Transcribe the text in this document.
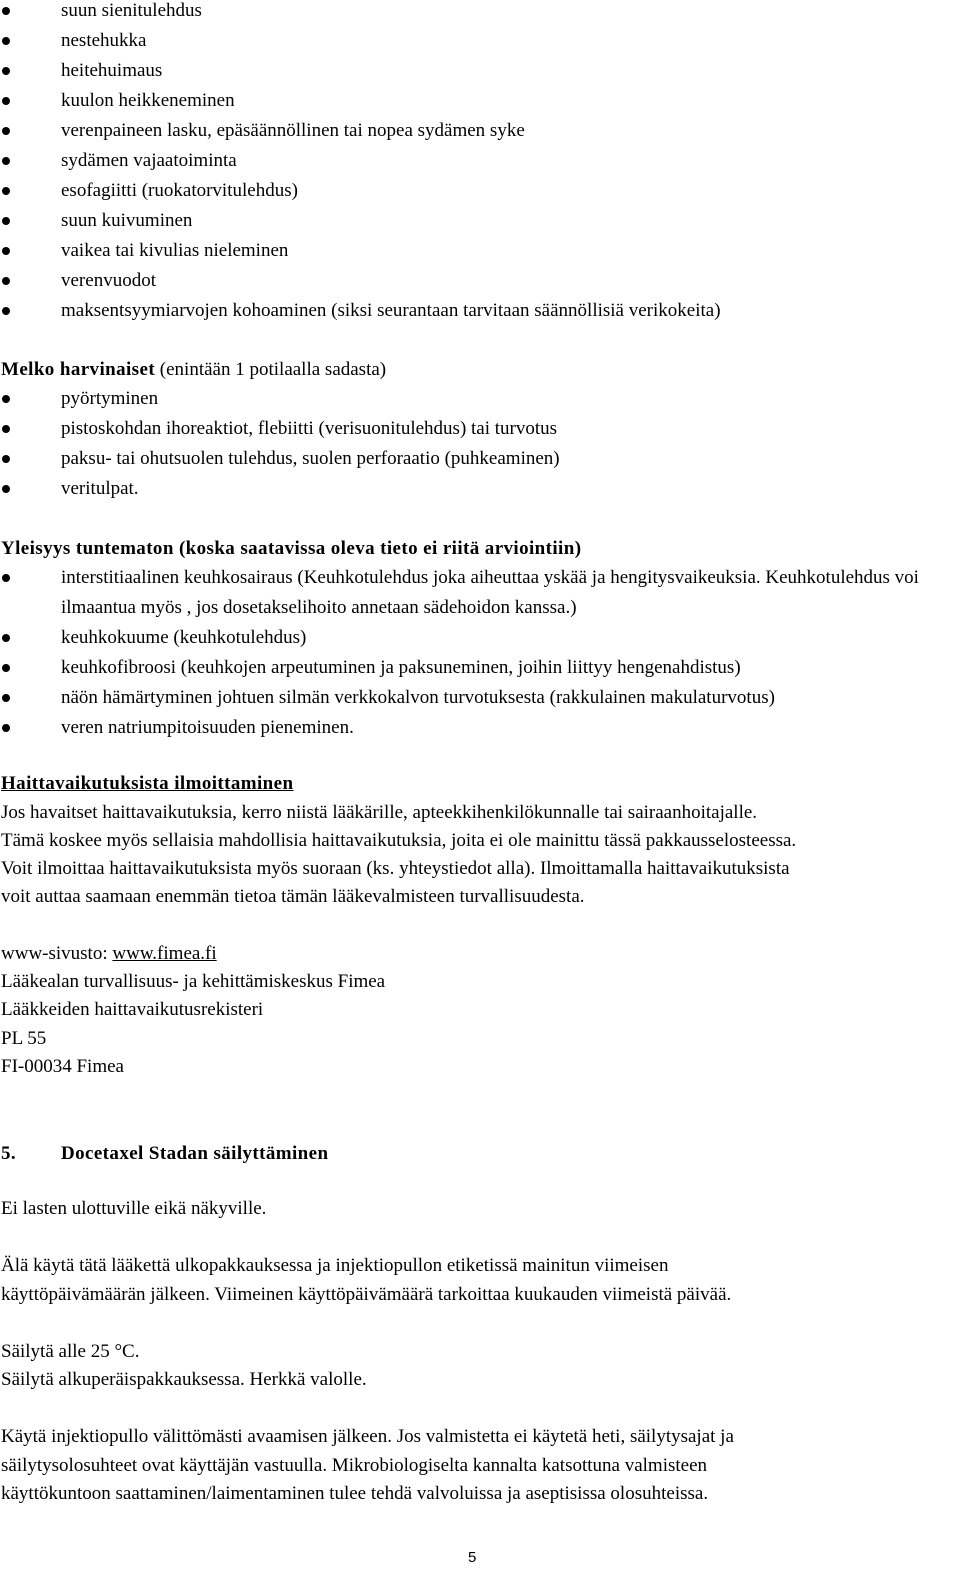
suun sienitulehdus
nestehukka
heitehuimaus
kuulon heikkeneminen
verenpaineen lasku, epäsäännöllinen tai nopea sydämen syke
sydämen vajaatoiminta
esofagiitti (ruokatorvitulehdus)
suun kuivuminen
vaikea tai kivulias nieleminen
verenvuodot
maksentsyymiarvojen kohoaminen (siksi seurantaan tarvitaan säännöllisiä verikokeita)
Melko harvinaiset (enintään 1 potilaalla sadasta)
pyörtyminen
pistoskohdan ihoreaktiot, flebiitti (verisuonitulehdus) tai turvotus
paksu- tai ohutsuolen tulehdus, suolen perforaatio (puhkeaminen)
veritulpat.
Yleisyys tuntematon (koska saatavissa oleva tieto ei riitä arviointiin)
interstitiaalinen keuhkosairaus (Keuhkotulehdus joka aiheuttaa yskää ja hengitysvaikeuksia. Keuhkotulehdus voi ilmaantua myös , jos dosetakselihoito annetaan sädehoidon kanssa.)
keuhkokuume (keuhkotulehdus)
keuhkofibroosi (keuhkojen arpeutuminen ja paksuneminen, joihin liittyy hengenahdistus)
näön hämärtyminen johtuen silmän verkkokalvon turvotuksesta (rakkulainen makulaturvotus)
veren natriumpitoisuuden pieneminen.
Haittavaikutuksista ilmoittaminen
Jos havaitset haittavaikutuksia, kerro niistä lääkärille, apteekkihenkilökunnalle tai sairaanhoitajalle.
Tämä koskee myös sellaisia mahdollisia haittavaikutuksia, joita ei ole mainittu tässä pakkausselosteessa.
Voit ilmoittaa haittavaikutuksista myös suoraan (ks. yhteystiedot alla). Ilmoittamalla haittavaikutuksista
voit auttaa saamaan enemmän tietoa tämän lääkevalmisteen turvallisuudesta.
www-sivusto: www.fimea.fi
Lääkealan turvallisuus- ja kehittämiskeskus Fimea
Lääkkeiden haittavaikutusrekisteri
PL 55
FI-00034 Fimea
5. Docetaxel Stadan säilyttäminen
Ei lasten ulottuville eikä näkyville.
Älä käytä tätä lääkettä ulkopakkauksessa ja injektiopullon etiketissä mainitun viimeisen
käyttöpäivämäärän jälkeen. Viimeinen käyttöpäivämäärä tarkoittaa kuukauden viimeistä päivää.
Säilytä alle 25 °C.
Säilytä alkuperäispakkauksessa. Herkkä valolle.
Käytä injektiopullo välittömästi avaamisen jälkeen. Jos valmistetta ei käytetä heti, säilytysajat ja
säilytysolosuhteet ovat käyttäjän vastuulla. Mikrobiologiselta kannalta katsottuna valmisteen
käyttökuntoon saattaminen/laimentaminen tulee tehdä valvoluissa ja aseptisissa olosuhteissa.
5
